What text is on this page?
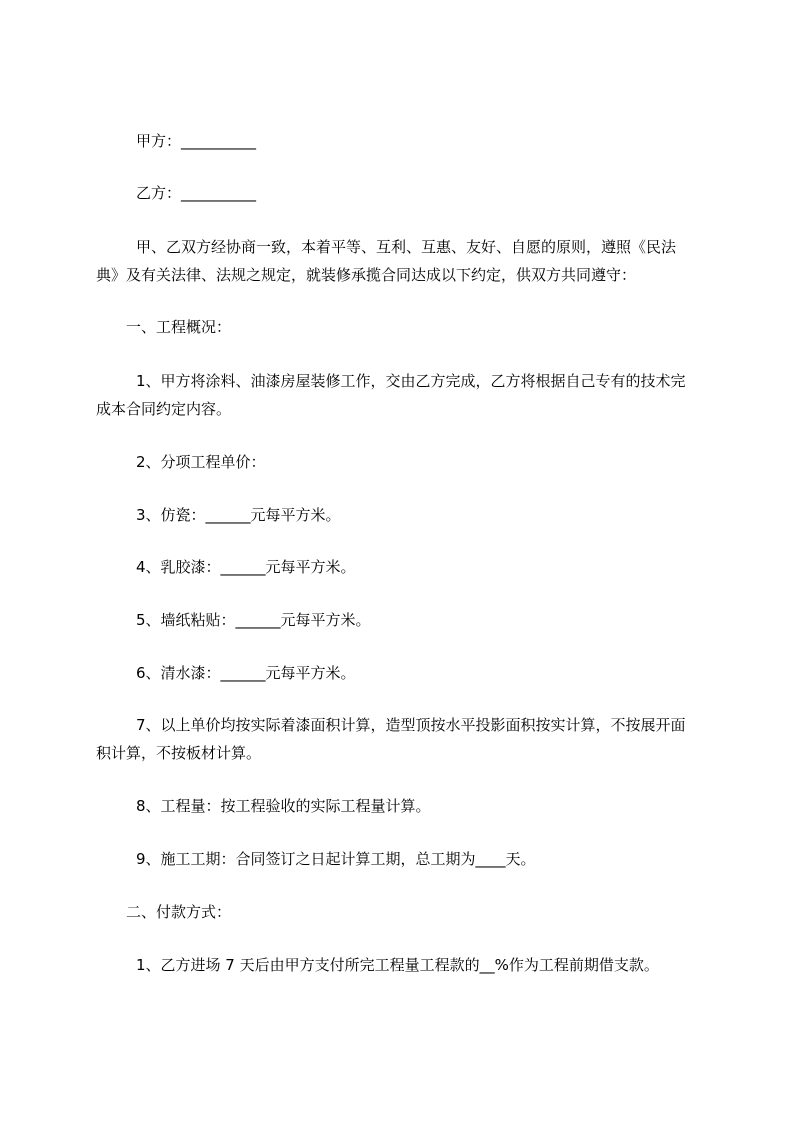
甲方：__________

乙方：__________

甲、乙双方经协商一致，本着平等、互利、互惠、友好、自愿的原则，遵照《民法典》及有关法律、法规之规定，就装修承揽合同达成以下约定，供双方共同遵守：

一、工程概况：

1、甲方将涂料、油漆房屋装修工作，交由乙方完成，乙方将根据自己专有的技术完成本合同约定内容。

2、分项工程单价：

3、仿瓷：______元每平方米。

4、乳胶漆：______元每平方米。

5、墙纸粘贴：______元每平方米。

6、清水漆：______元每平方米。

7、以上单价均按实际着漆面积计算，造型顶按水平投影面积按实计算，不按展开面积计算，不按板材计算。

8、工程量：按工程验收的实际工程量计算。

9、施工工期：合同签订之日起计算工期，总工期为____天。

二、付款方式：

1、乙方进场 7 天后由甲方支付所完工程量工程款的__%作为工程前期借支款。
